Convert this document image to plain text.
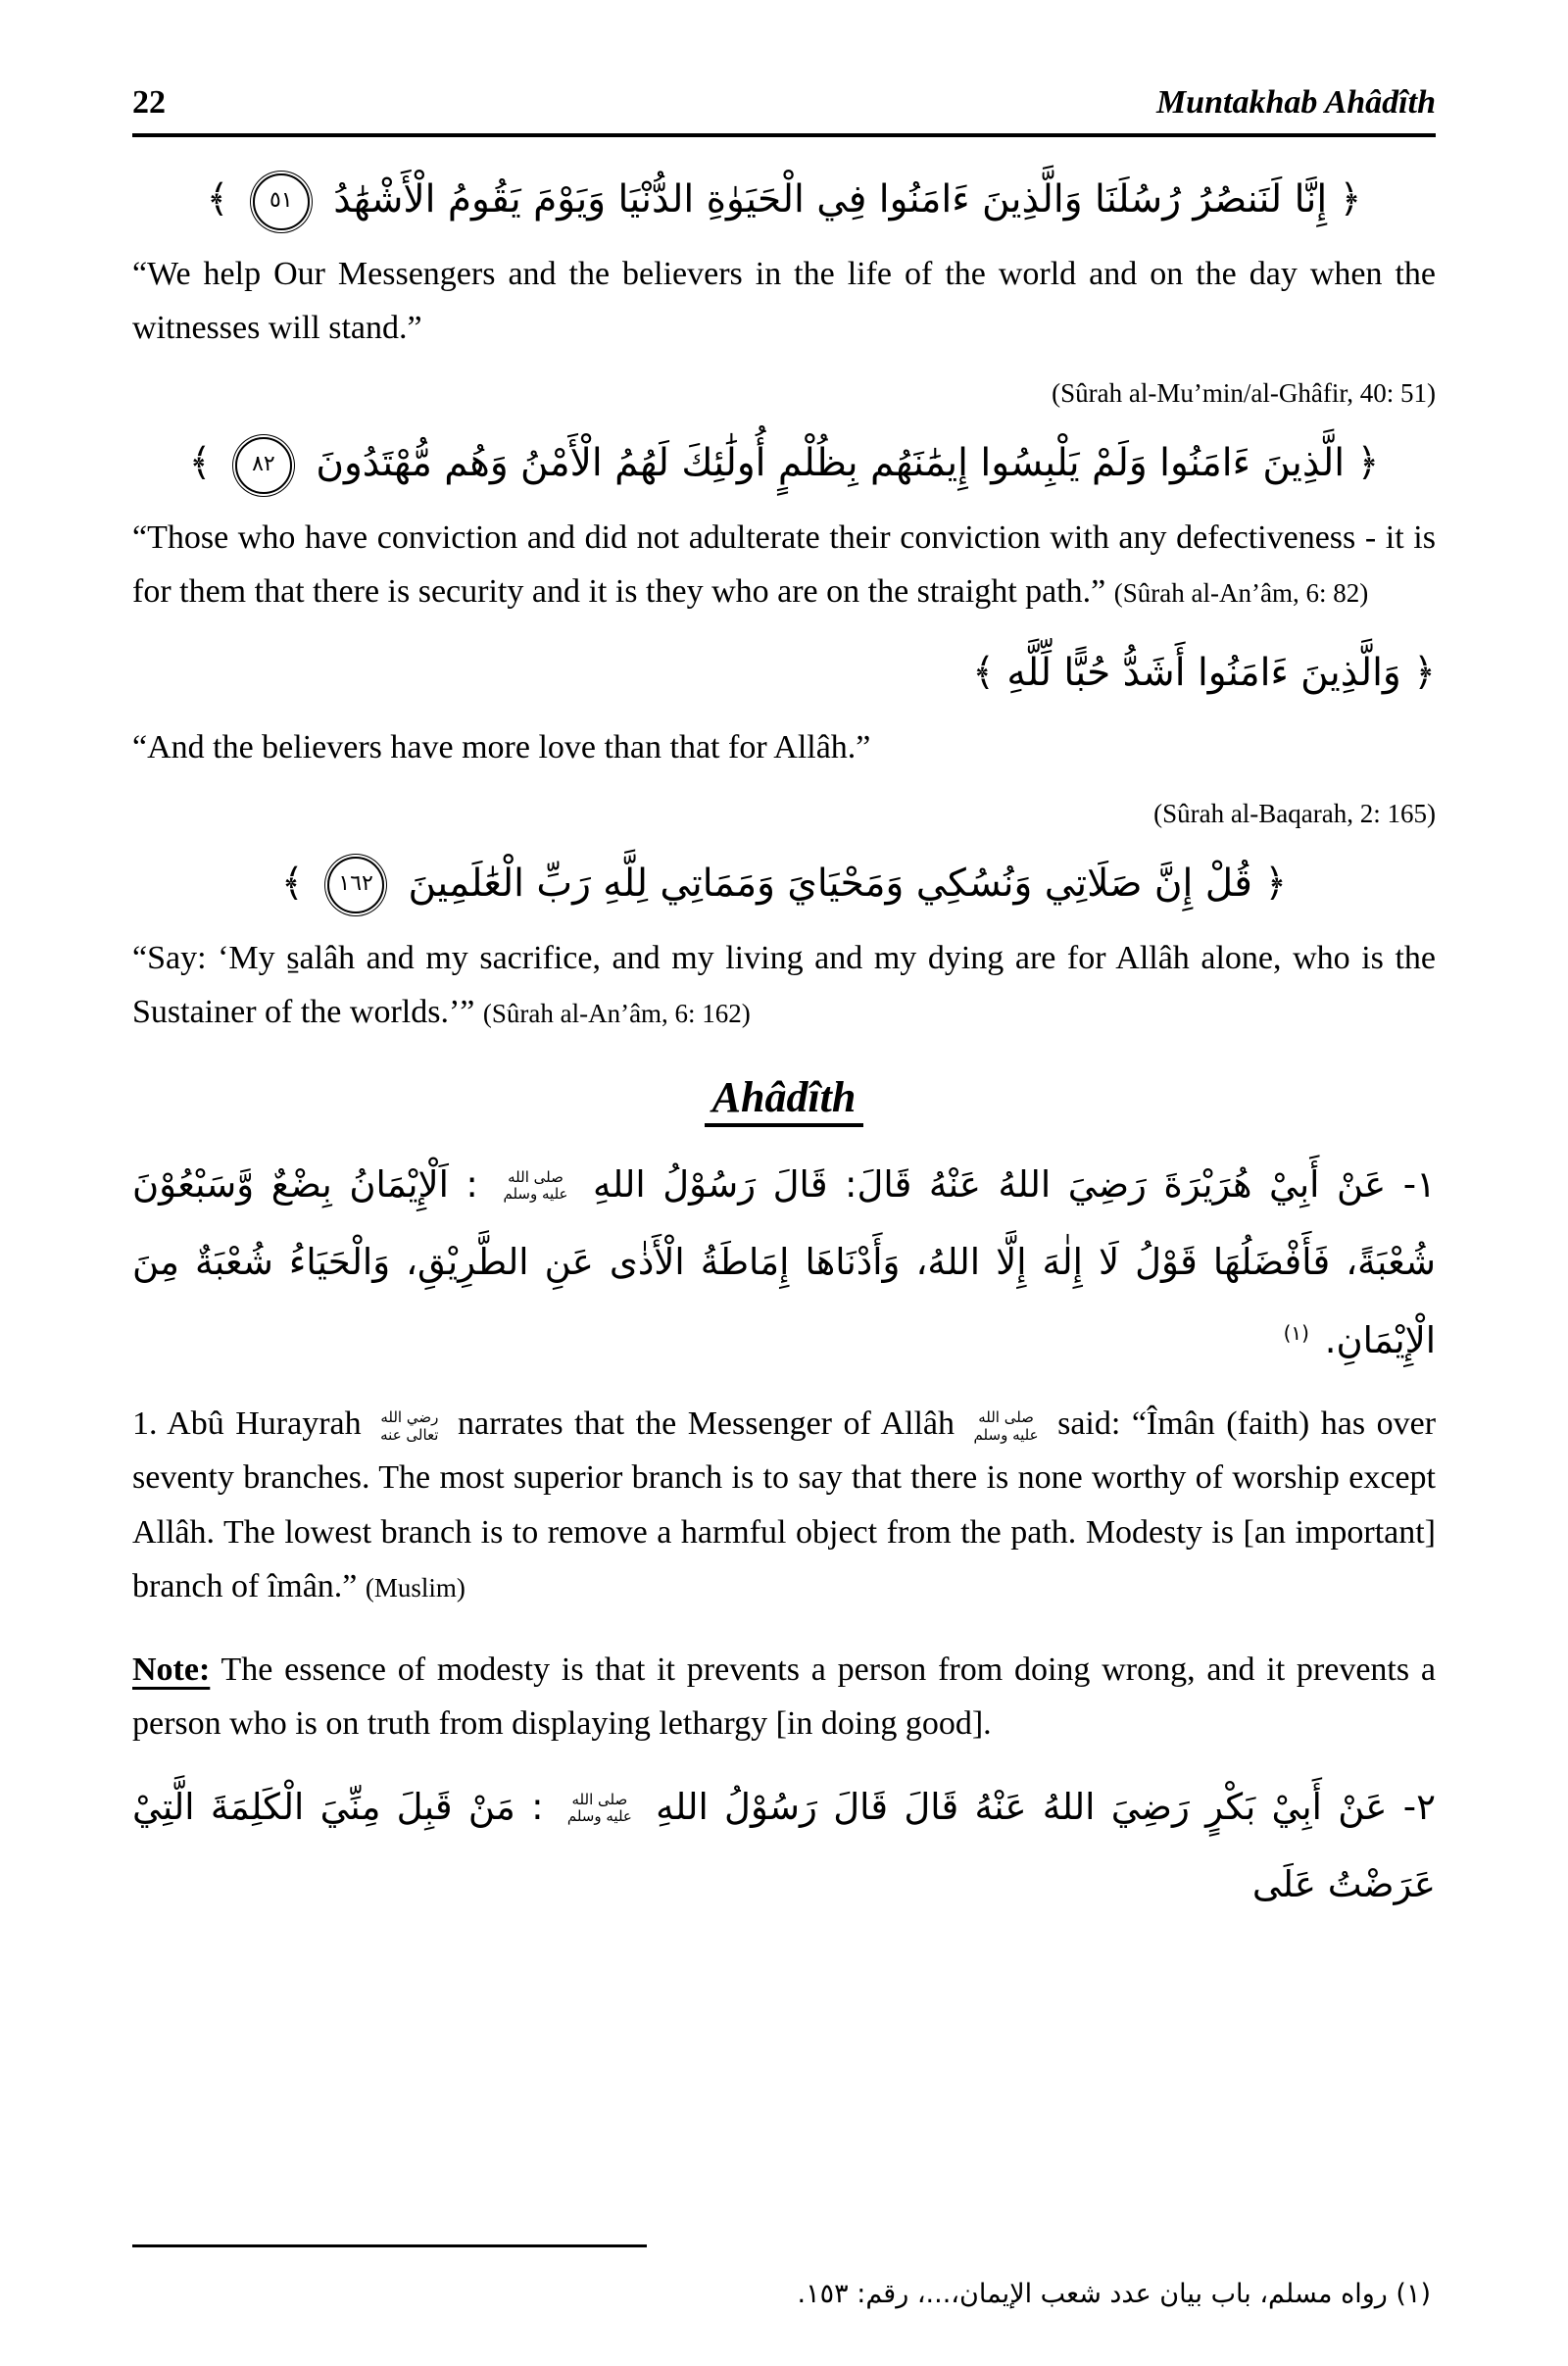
22	Muntakhab Ahâdîth
﴿ إِنَّا لَنَنصُرُ رُسُلَنَا وَالَّذِينَ ءَامَنُوا فِي الْحَيَوٰةِ الدُّنْيَا وَيَوْمَ يَقُومُ الْأَشْهَٰدُ ٥١ ﴾

“We help Our Messengers and the believers in the life of the world and on the day when the witnesses will stand.”

(Sûrah al-Mu’min/al-Ghâfir, 40: 51)
﴿ الَّذِينَ ءَامَنُوا وَلَمْ يَلْبِسُوا إِيمَٰنَهُم بِظُلْمٍ أُولَٰئِكَ لَهُمُ الْأَمْنُ وَهُم مُّهْتَدُونَ ٨٢ ﴾

“Those who have conviction and did not adulterate their conviction with any defectiveness - it is for them that there is security and it is they who are on the straight path.” (Sûrah al-An’âm, 6: 82)

﴿ وَالَّذِينَ ءَامَنُوا أَشَدُّ حُبًّا لِّلَّهِ ﴾

“And the believers have more love than that for Allâh.”

(Sûrah al-Baqarah, 2: 165)
﴿ قُلْ إِنَّ صَلَاتِي وَنُسُكِي وَمَحْيَايَ وَمَمَاتِي لِلَّهِ رَبِّ الْعَٰلَمِينَ ١٦٢ ﴾

“Say: ‘My s̱alâh and my sacrifice, and my living and my dying are for Allâh alone, who is the Sustainer of the worlds.’” (Sûrah al-An’âm, 6: 162)

Ahâdîth

١- عَنْ أَبِيْ هُرَيْرَةَ رَضِيَ اللهُ عَنْهُ قَالَ: قَالَ رَسُوْلُ اللهِ
صلى الله
عليه وسلم
: اَلْإِيْمَانُ بِضْعٌ وَّسَبْعُوْنَ شُعْبَةً، فَأَفْضَلُهَا قَوْلُ لَا إِلٰهَ إِلَّا اللهُ، وَأَدْنَاهَا إِمَاطَةُ الْأَذٰى عَنِ الطَّرِيْقِ، وَالْحَيَاءُ شُعْبَةٌ مِنَ الْإِيْمَانِ. $^{(١)}$

1. Abû Hurayrah رضي الله
تعالى عنه narrates that the Messenger of Allâh	صلى الله
عليه وسلم said: “Îmân (faith) has over seventy branches. The most superior branch is to say that there is none worthy of worship except Allâh. The lowest branch is to remove a harmful object from the path. Modesty is [an important] branch of îmân.” (Muslim)

Note: The essence of modesty is that it prevents a person from doing wrong, and it prevents a person who is on truth from displaying lethargy [in doing good].

٢- عَنْ أَبِيْ بَكْرٍ رَضِيَ اللهُ عَنْهُ قَالَ قَالَ رَسُوْلُ اللهِ
صلى الله
عليه وسلم
: مَنْ قَبِلَ مِنِّيَ الْكَلِمَةَ الَّتِيْ عَرَضْتُ عَلَى

(١) رواه مسلم، باب بيان عدد شعب الإيمان،...، رقم: ١٥٣.
